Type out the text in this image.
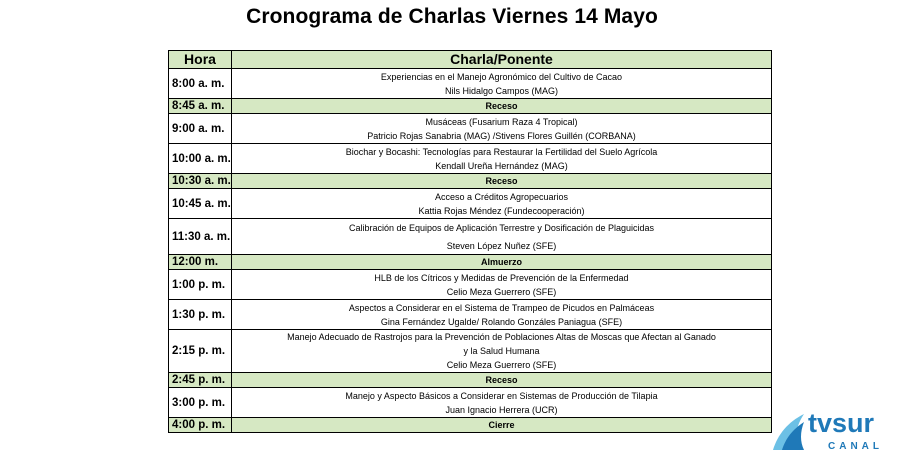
Cronograma de Charlas Viernes 14 Mayo
Hora	Charla/Ponente
8:00 a. m.	Experiencias en el Manejo Agronómico del Cultivo de Cacao
Nils Hidalgo Campos (MAG)

8:45 a. m.	Receso

9:00 a. m.	Musáceas (Fusarium Raza 4 Tropical)
Patricio Rojas Sanabria (MAG) /Stivens Flores Guillén (CORBANA)

10:00 a. m.	Biochar y Bocashi: Tecnologías para Restaurar la Fertilidad del Suelo Agrícola
Kendall Ureña Hernández (MAG)

10:30 a. m.	Receso

10:45 a. m.	Acceso a Créditos Agropecuarios
Kattia Rojas Méndez (Fundecooperación)

11:30 a. m.	Calibración de Equipos de Aplicación Terrestre y Dosificación de Plaguicidas
Steven López Nuñez (SFE)

12:00 m.	Almuerzo

1:00 p. m.	HLB de los Cítricos y Medidas de Prevención de la Enfermedad
Celio Meza Guerrero (SFE)

1:30 p. m.	Aspectos a Considerar en el Sistema de Trampeo de Picudos en Palmáceas
Gina Fernández Ugalde/ Rolando Gonzáles Paniagua (SFE)

2:15 p. m.	Manejo Adecuado de Rastrojos para la Prevención de Poblaciones Altas de Moscas que Afectan al Ganado
y la Salud Humana
Celio Meza Guerrero (SFE)

2:45 p. m.	Receso

3:00 p. m.	Manejo y Aspecto Básicos a Considerar en Sistemas de Producción de Tilapia
Juan Ignacio Herrera (UCR)

4:00 p. m.	Cierre	tvsur
CANAL
